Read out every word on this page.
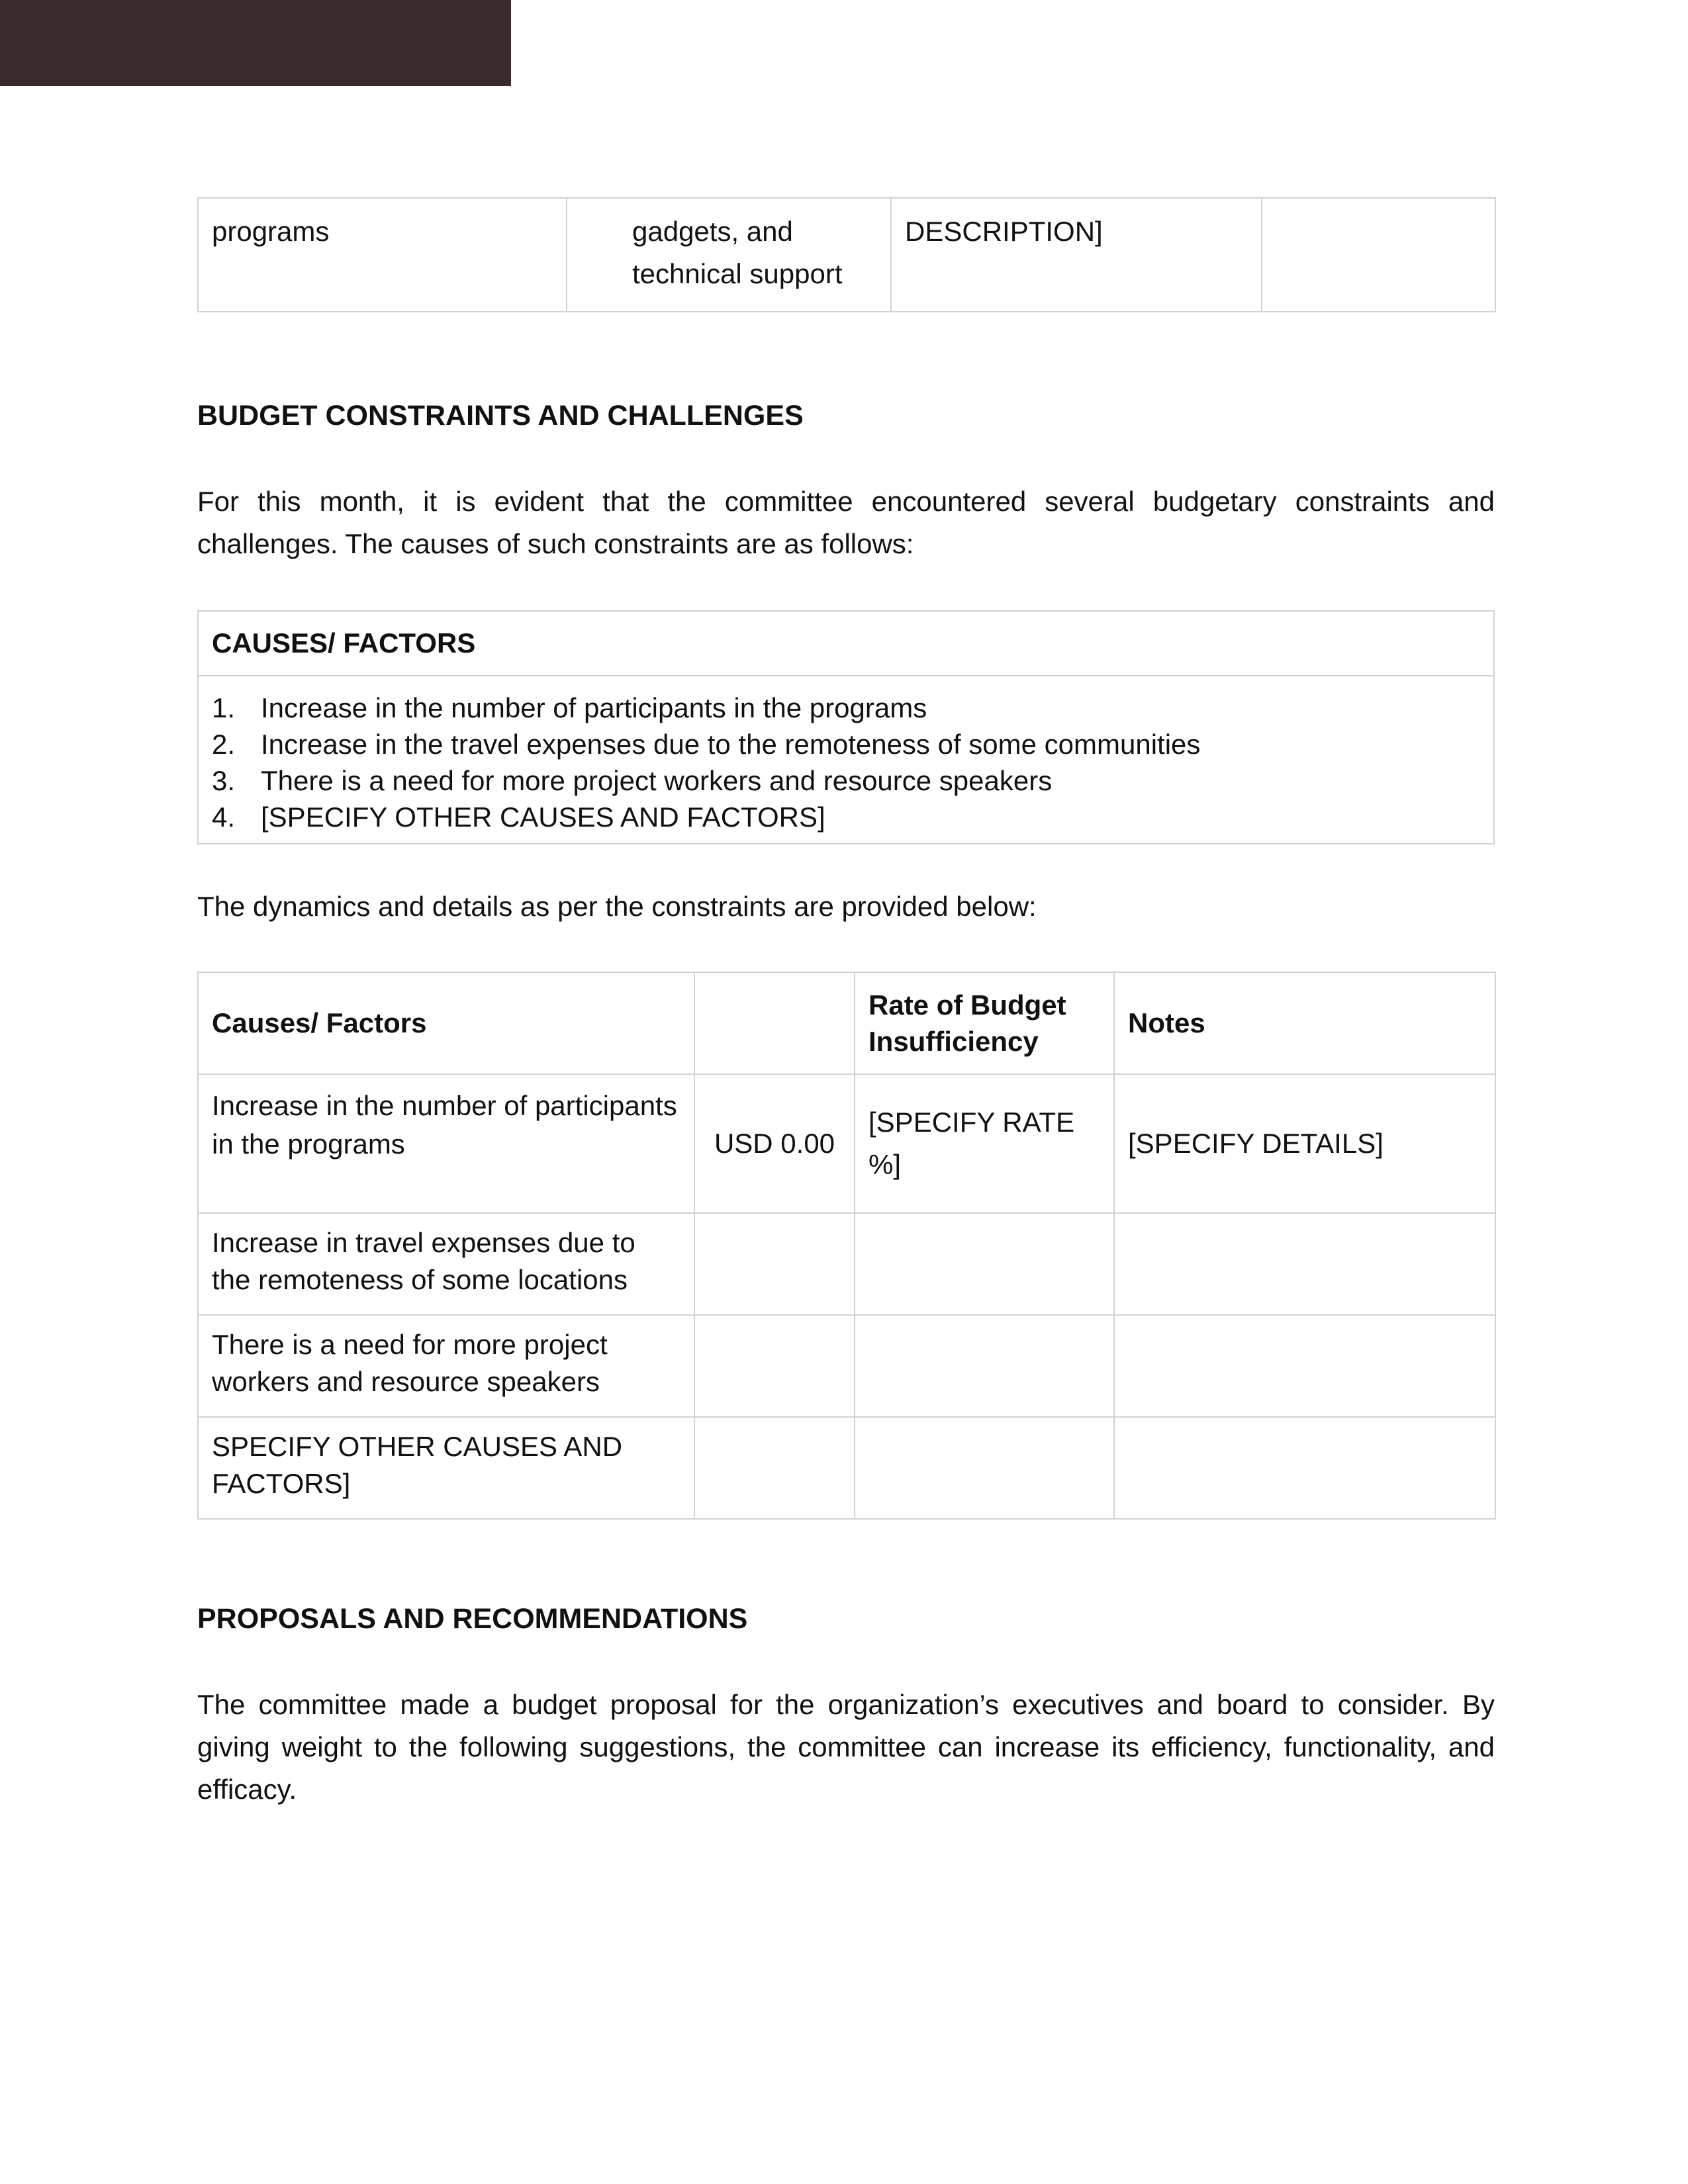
programs	gadgets, and technical support	DESCRIPTION]	
BUDGET CONSTRAINTS AND CHALLENGES

For this month, it is evident that the committee encountered several budgetary constraints and challenges. The causes of such constraints are as follows:

CAUSES/ FACTORS

1. Increase in the number of participants in the programs
2. Increase in the travel expenses due to the remoteness of some communities
3. There is a need for more project workers and resource speakers
4. [SPECIFY OTHER CAUSES AND FACTORS]

The dynamics and details as per the constraints are provided below:

Causes/ Factors		Rate of Budget Insufficiency	Notes
Increase in the number of participants in the programs	USD 0.00	[SPECIFY RATE %]	[SPECIFY DETAILS]
Increase in travel expenses due to the remoteness of some locations			
There is a need for more project workers and resource speakers			
SPECIFY OTHER CAUSES AND FACTORS]			
PROPOSALS AND RECOMMENDATIONS

The committee made a budget proposal for the organization’s executives and board to consider. By giving weight to the following suggestions, the committee can increase its efficiency, functionality, and efficacy.
